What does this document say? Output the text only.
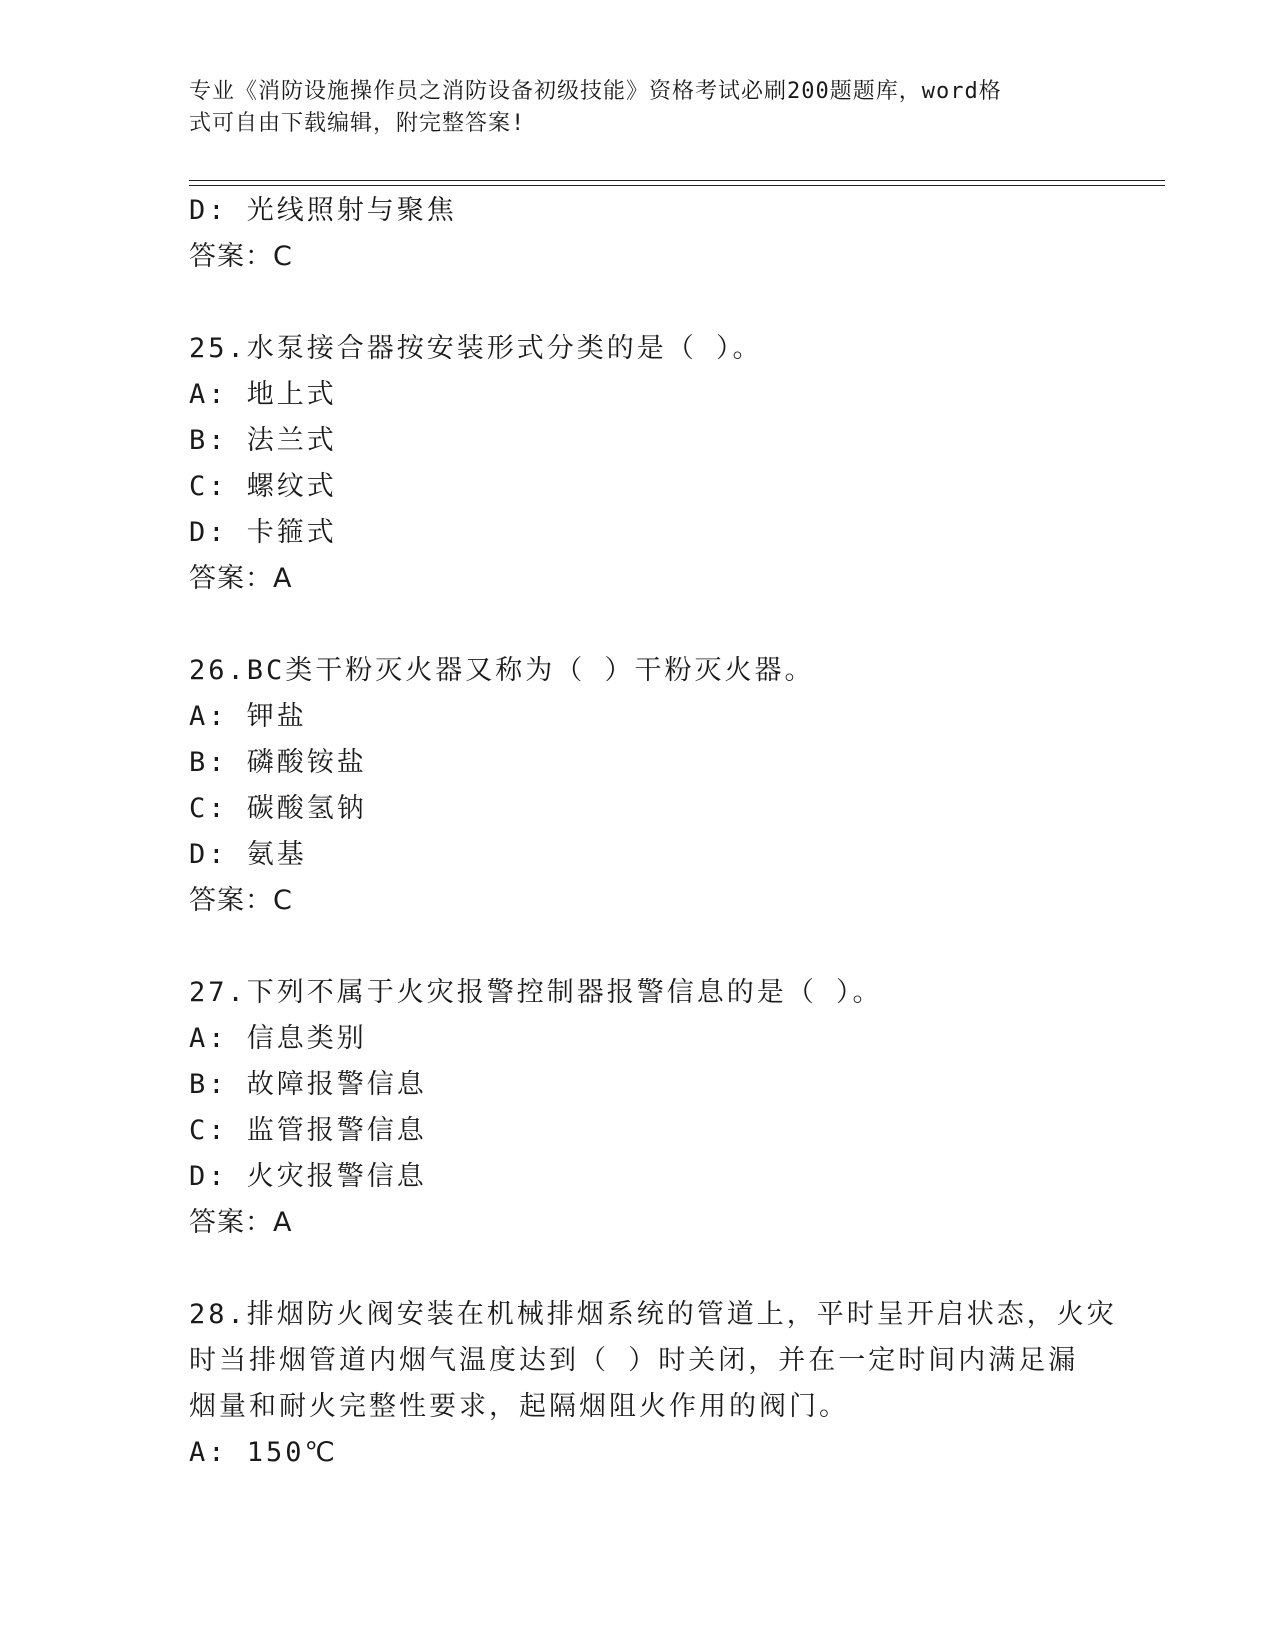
专业《消防设施操作员之消防设备初级技能》资格考试必刷200题题库，word格
式可自由下载编辑，附完整答案!
D: 光线照射与聚焦
答案：C
25.水泵接合器按安装形式分类的是（ ）。
A: 地上式
B: 法兰式
C: 螺纹式
D: 卡箍式
答案：A
26.BC类干粉灭火器又称为（ ）干粉灭火器。
A: 钾盐
B: 磷酸铵盐
C: 碳酸氢钠
D: 氨基
答案：C
27.下列不属于火灾报警控制器报警信息的是（ ）。
A: 信息类别
B: 故障报警信息
C: 监管报警信息
D: 火灾报警信息
答案：A
28.排烟防火阀安装在机械排烟系统的管道上，平时呈开启状态，火灾
时当排烟管道内烟气温度达到（ ）时关闭，并在一定时间内满足漏
烟量和耐火完整性要求，起隔烟阻火作用的阀门。
A: 150℃
